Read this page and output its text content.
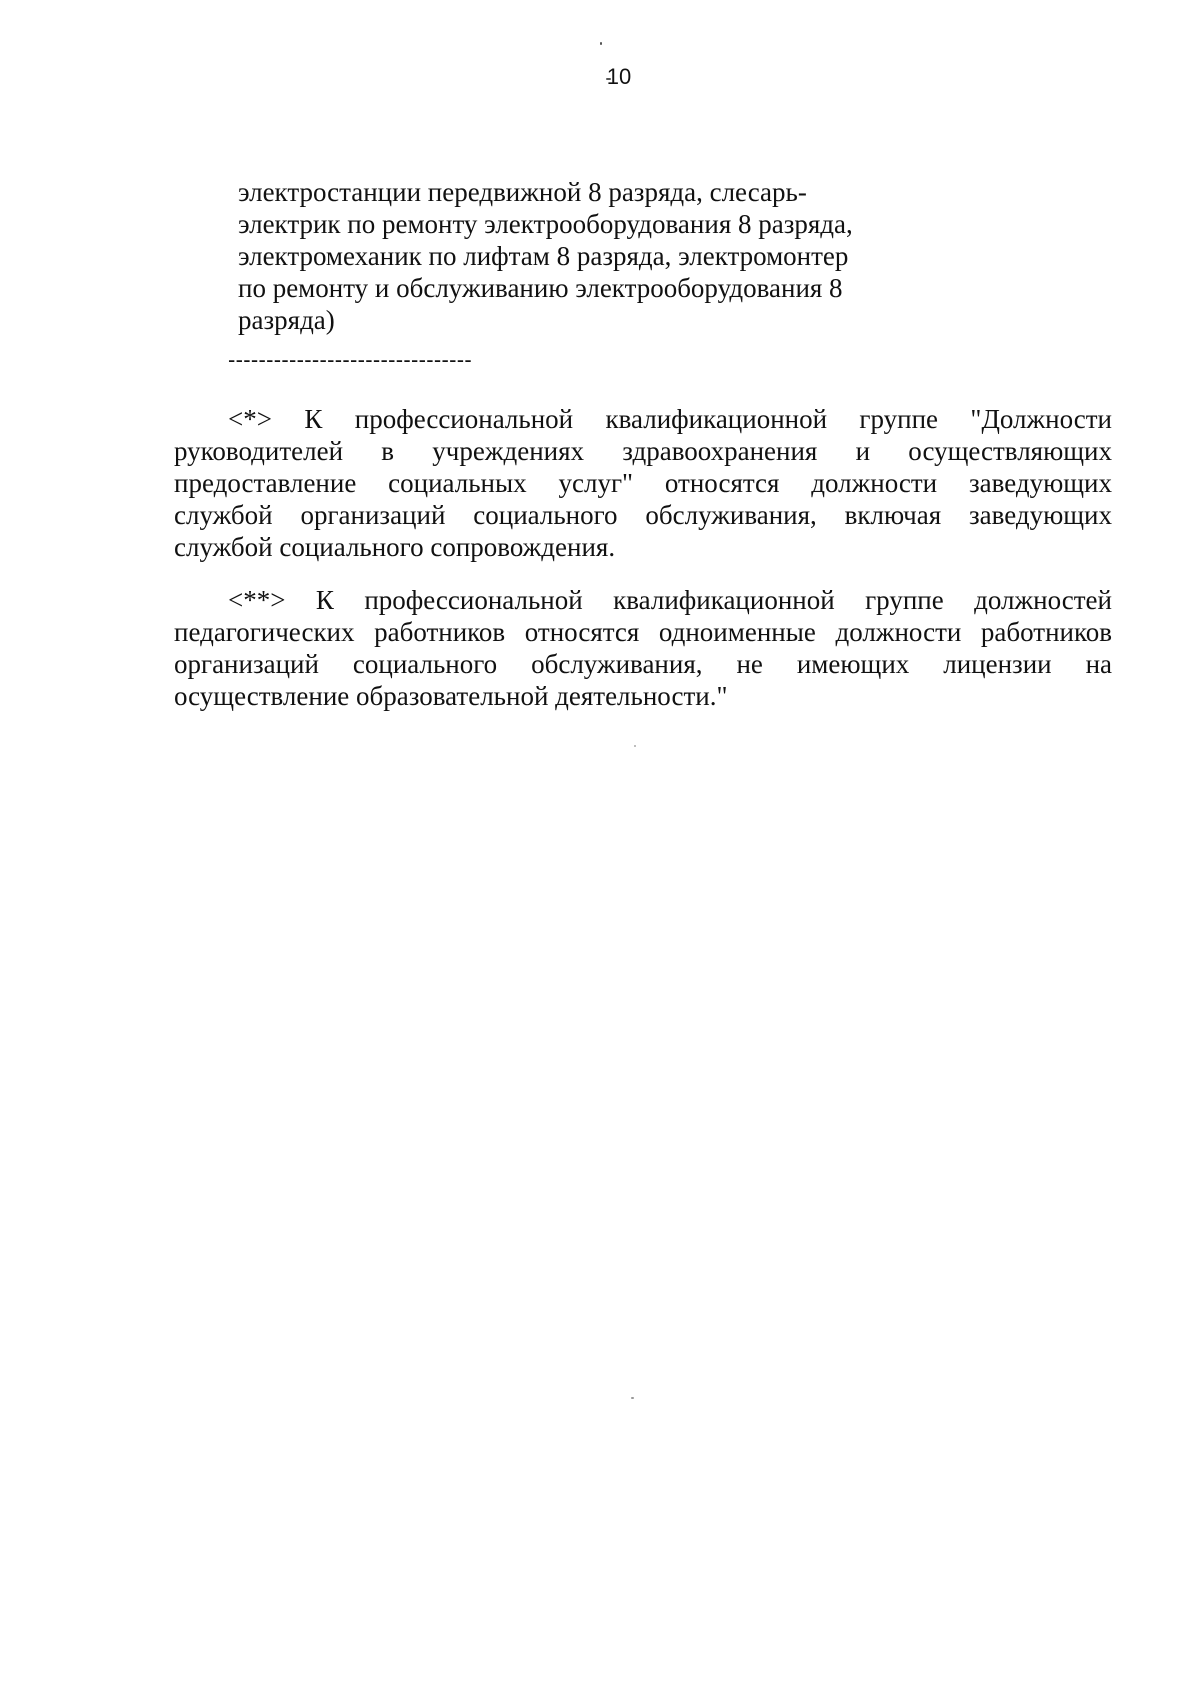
10
электростанции передвижной 8 разряда, слесарь-
электрик по ремонту электрооборудования 8 разряда,
электромеханик по лифтам 8 разряда, электромонтер
по ремонту и обслуживанию электрооборудования 8
разряда)
--------------------------------
<*> К профессиональной квалификационной группе "Должности
руководителей в учреждениях здравоохранения и осуществляющих
предоставление социальных услуг" относятся должности заведующих
службой организаций социального обслуживания, включая заведующих
службой социального сопровождения.
<**> К профессиональной квалификационной группе должностей
педагогических работников относятся одноименные должности работников
организаций социального обслуживания, не имеющих лицензии на
осуществление образовательной деятельности."
